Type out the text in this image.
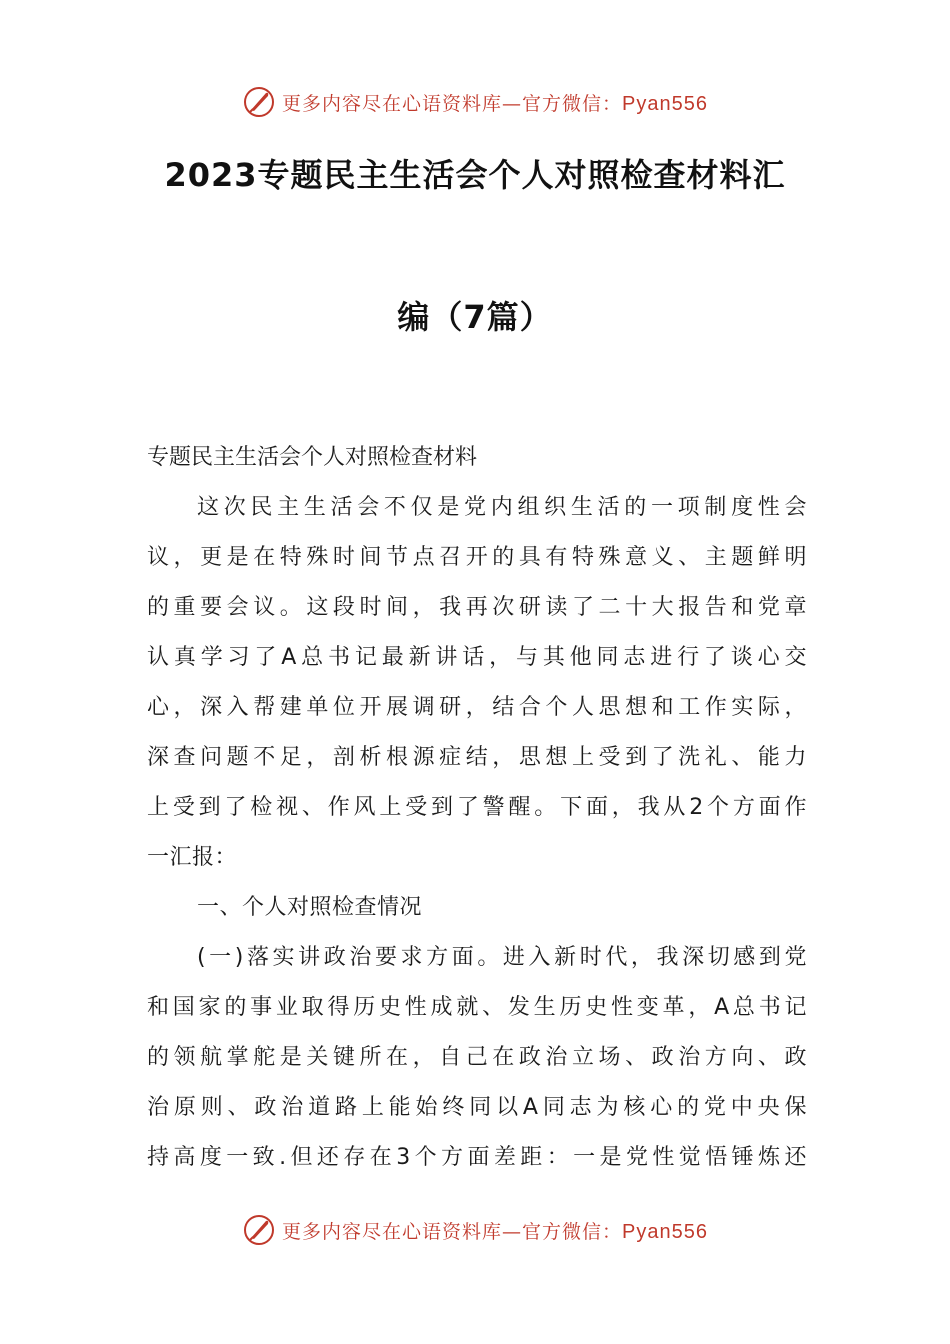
更多内容尽在心语资料库—官方微信：Pyan556
2023专题民主生活会个人对照检查材料汇
编（7篇）
专题民主生活会个人对照检查材料
这次民主生活会不仅是党内组织生活的一项制度性会
议，更是在特殊时间节点召开的具有特殊意义、主题鲜明
的重要会议。这段时间，我再次研读了二十大报告和党章
认真学习了A总书记最新讲话，与其他同志进行了谈心交
心，深入帮建单位开展调研，结合个人思想和工作实际，
深查问题不足，剖析根源症结，思想上受到了洗礼、能力
上受到了检视、作风上受到了警醒。下面，我从2个方面作
一汇报：
一、个人对照检查情况
(一)落实讲政治要求方面。进入新时代，我深切感到党
和国家的事业取得历史性成就、发生历史性变革，A总书记
的领航掌舵是关键所在，自己在政治立场、政治方向、政
治原则、政治道路上能始终同以A同志为核心的党中央保
持高度一致.但还存在3个方面差距：一是党性觉悟锤炼还
更多内容尽在心语资料库—官方微信：Pyan556
